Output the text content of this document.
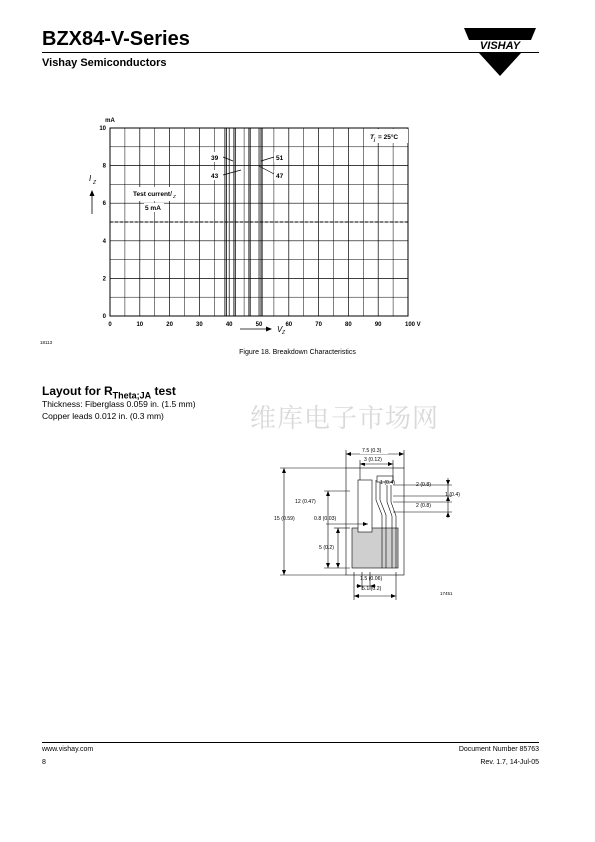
BZX84-V-Series
Vishay Semiconductors
VISHAY
0	10	20	30	40	50	60	70	80	90	100 V
0
2
4
6
8
10
mA
I Z
V Z
T j = 25°C
Test current I Z
5 mA
39
43
51
47
18113
Figure 18. Breakdown Characteristics
Layout for $R_{Theta;JA}$ test
Thickness: Fiberglass 0.059 in. (1.5 mm)
Copper leads 0.012 in. (0.3 mm)	维库电子市场网
7.5 (0.3)
3 (0.12)
1 (0.4)	2 (0.8)
1 (0.4)
2 (0.8)
12 (0.47)
15 (0.59)	0.8 (0.03)
5 (0.2)
1.5 (0.06)
5.1 (0.2)
17451
www.vishay.com
8
Document Number 85763
Rev. 1.7, 14-Jul-05
